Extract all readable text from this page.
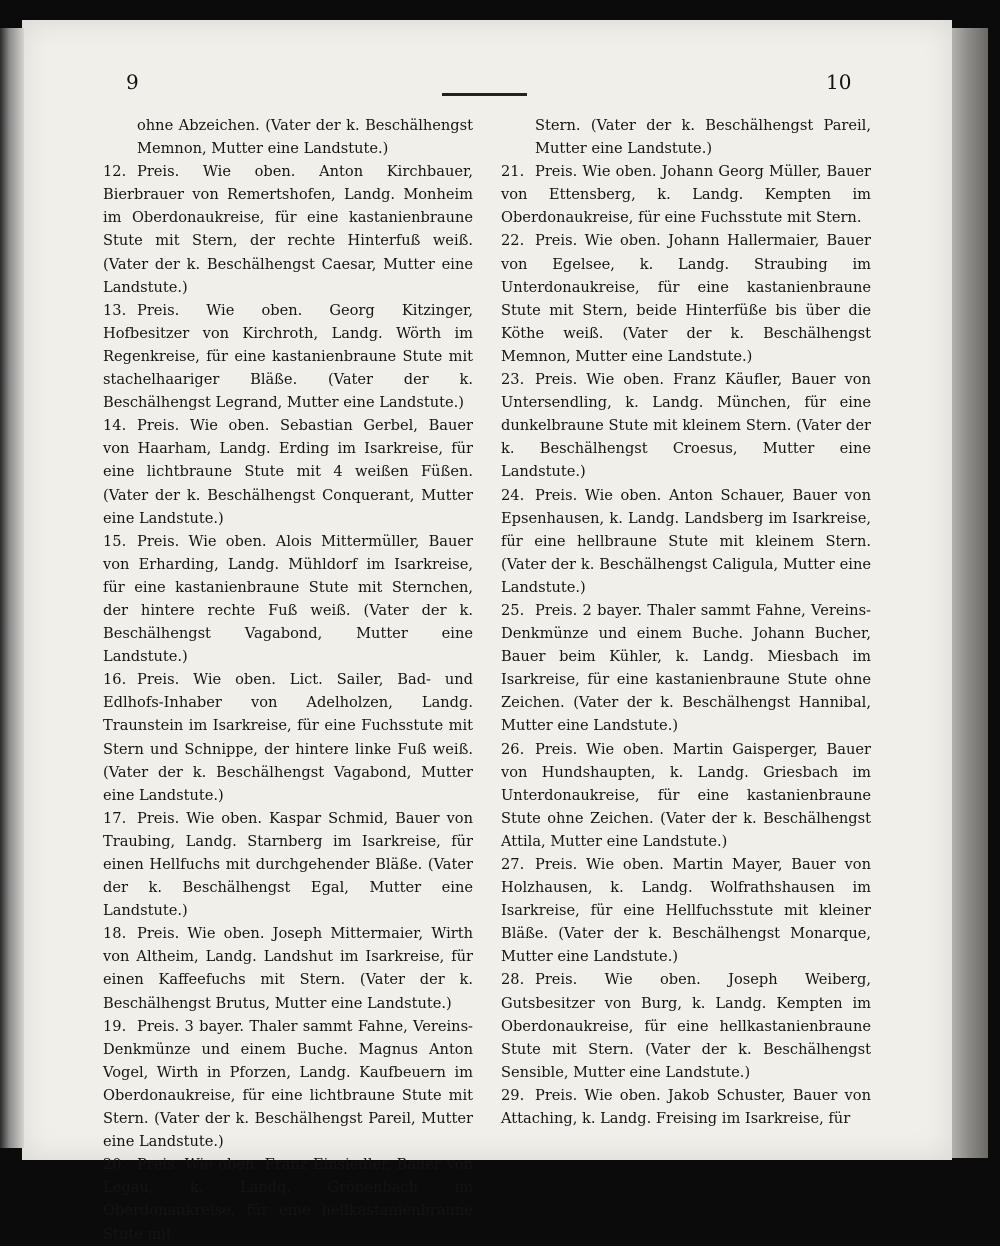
9	10

ohne Abzeichen. (Vater der k. Beschälhengst Memnon, Mutter eine Landstute.)

12. Preis. Wie oben. Anton Kirchbauer, Bierbrauer von Remertshofen, Landg. Monheim im Oberdonaukreise, für eine kastanienbraune Stute mit Stern, der rechte Hinterfuß weiß. (Vater der k. Beschälhengst Caesar, Mutter eine Landstute.)

13. Preis. Wie oben. Georg Kitzinger, Hofbesitzer von Kirchroth, Landg. Wörth im Regenkreise, für eine kastanienbraune Stute mit stachelhaariger Bläße. (Vater der k. Beschälhengst Legrand, Mutter eine Landstute.)

14. Preis. Wie oben. Sebastian Gerbel, Bauer von Haarham, Landg. Erding im Isarkreise, für eine lichtbraune Stute mit 4 weißen Füßen. (Vater der k. Beschälhengst Conquerant, Mutter eine Landstute.)

15. Preis. Wie oben. Alois Mittermüller, Bauer von Erharding, Landg. Mühldorf im Isarkreise, für eine kastanienbraune Stute mit Sternchen, der hintere rechte Fuß weiß. (Vater der k. Beschälhengst Vagabond, Mutter eine Landstute.)

16. Preis. Wie oben. Lict. Sailer, Bad- und Edlhofs-Inhaber von Adelholzen, Landg. Traunstein im Isarkreise, für eine Fuchsstute mit Stern und Schnippe, der hintere linke Fuß weiß. (Vater der k. Beschälhengst Vagabond, Mutter eine Landstute.)

17. Preis. Wie oben. Kaspar Schmid, Bauer von Traubing, Landg. Starnberg im Isarkreise, für einen Hellfuchs mit durchgehender Bläße. (Vater der k. Beschälhengst Egal, Mutter eine Landstute.)

18. Preis. Wie oben. Joseph Mittermaier, Wirth von Altheim, Landg. Landshut im Isarkreise, für einen Kaffeefuchs mit Stern. (Vater der k. Beschälhengst Brutus, Mutter eine Landstute.)

19. Preis. 3 bayer. Thaler sammt Fahne, Vereins-Denkmünze und einem Buche. Magnus Anton Vogel, Wirth in Pforzen, Landg. Kaufbeuern im Oberdonaukreise, für eine lichtbraune Stute mit Stern. (Vater der k. Beschälhengst Pareil, Mutter eine Landstute.)

20. Preis. Wie oben. Franz Einsiedler, Bauer von Legau, k. Landg. Grönenbach im Oberdonaukreise, für eine hellkastanienbraune Stute mit

Stern. (Vater der k. Beschälhengst Pareil, Mutter eine Landstute.)

21. Preis. Wie oben. Johann Georg Müller, Bauer von Ettensberg, k. Landg. Kempten im Oberdonaukreise, für eine Fuchsstute mit Stern.

22. Preis. Wie oben. Johann Hallermaier, Bauer von Egelsee, k. Landg. Straubing im Unterdonaukreise, für eine kastanienbraune Stute mit Stern, beide Hinterfüße bis über die Köthe weiß. (Vater der k. Beschälhengst Memnon, Mutter eine Landstute.)

23. Preis. Wie oben. Franz Käufler, Bauer von Untersendling, k. Landg. München, für eine dunkelbraune Stute mit kleinem Stern. (Vater der k. Beschälhengst Croesus, Mutter eine Landstute.)

24. Preis. Wie oben. Anton Schauer, Bauer von Epsenhausen, k. Landg. Landsberg im Isarkreise, für eine hellbraune Stute mit kleinem Stern. (Vater der k. Beschälhengst Caligula, Mutter eine Landstute.)

25. Preis. 2 bayer. Thaler sammt Fahne, Vereins-Denkmünze und einem Buche. Johann Bucher, Bauer beim Kühler, k. Landg. Miesbach im Isarkreise, für eine kastanienbraune Stute ohne Zeichen. (Vater der k. Beschälhengst Hannibal, Mutter eine Landstute.)

26. Preis. Wie oben. Martin Gaisperger, Bauer von Hundshaupten, k. Landg. Griesbach im Unterdonaukreise, für eine kastanienbraune Stute ohne Zeichen. (Vater der k. Beschälhengst Attila, Mutter eine Landstute.)

27. Preis. Wie oben. Martin Mayer, Bauer von Holzhausen, k. Landg. Wolfrathshausen im Isarkreise, für eine Hellfuchsstute mit kleiner Bläße. (Vater der k. Beschälhengst Monarque, Mutter eine Landstute.)

28. Preis. Wie oben. Joseph Weiberg, Gutsbesitzer von Burg, k. Landg. Kempten im Oberdonaukreise, für eine hellkastanienbraune Stute mit Stern. (Vater der k. Beschälhengst Sensible, Mutter eine Landstute.)

29. Preis. Wie oben. Jakob Schuster, Bauer von Attaching, k. Landg. Freising im Isarkreise, für
